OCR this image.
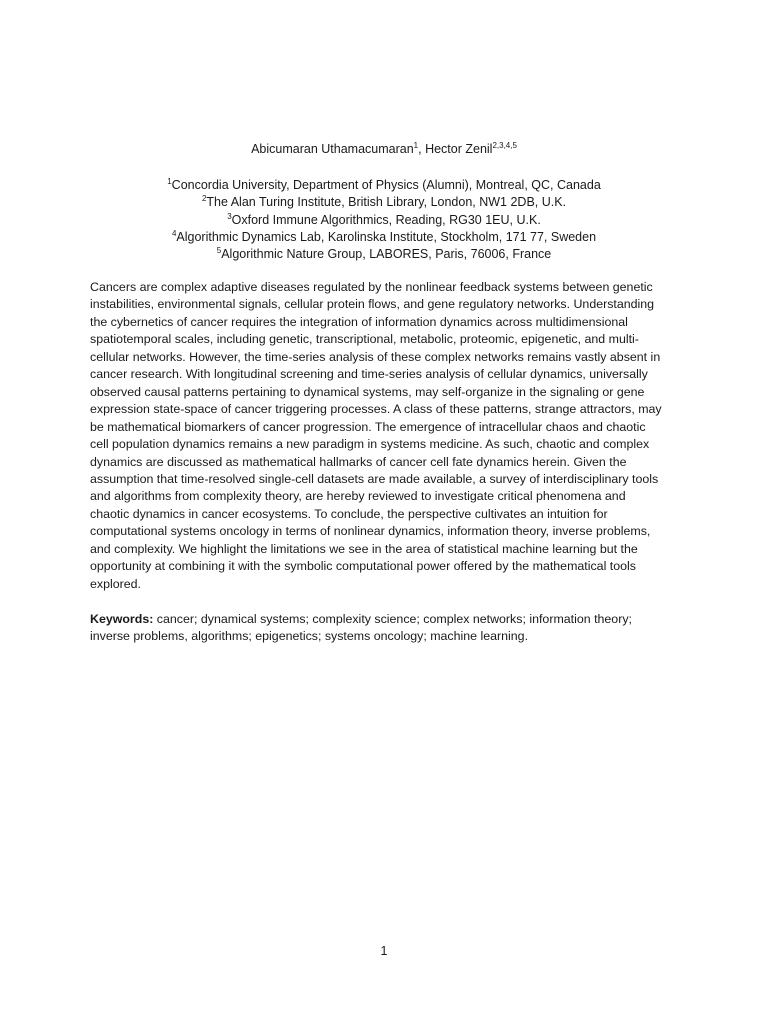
Abicumaran Uthamacumaran$^1$, Hector Zenil$^{2,3,4,5}$
$^1$Concordia University, Department of Physics (Alumni), Montreal, QC, Canada
$^2$The Alan Turing Institute, British Library, London, NW1 2DB, U.K.
$^3$Oxford Immune Algorithmics, Reading, RG30 1EU, U.K.
$^4$Algorithmic Dynamics Lab, Karolinska Institute, Stockholm, 171 77, Sweden
$^5$Algorithmic Nature Group, LABORES, Paris, 76006, France
Cancers are complex adaptive diseases regulated by the nonlinear feedback systems between genetic
instabilities, environmental signals, cellular protein flows, and gene regulatory networks. Understanding
the cybernetics of cancer requires the integration of information dynamics across multidimensional
spatiotemporal scales, including genetic, transcriptional, metabolic, proteomic, epigenetic, and multi-
cellular networks. However, the time-series analysis of these complex networks remains vastly absent in
cancer research. With longitudinal screening and time-series analysis of cellular dynamics, universally
observed causal patterns pertaining to dynamical systems, may self-organize in the signaling or gene
expression state-space of cancer triggering processes. A class of these patterns, strange attractors, may
be mathematical biomarkers of cancer progression. The emergence of intracellular chaos and chaotic
cell population dynamics remains a new paradigm in systems medicine. As such, chaotic and complex
dynamics are discussed as mathematical hallmarks of cancer cell fate dynamics herein. Given the
assumption that time-resolved single-cell datasets are made available, a survey of interdisciplinary tools
and algorithms from complexity theory, are hereby reviewed to investigate critical phenomena and
chaotic dynamics in cancer ecosystems. To conclude, the perspective cultivates an intuition for
computational systems oncology in terms of nonlinear dynamics, information theory, inverse problems,
and complexity. We highlight the limitations we see in the area of statistical machine learning but the
opportunity at combining it with the symbolic computational power offered by the mathematical tools
explored.
Keywords: cancer; dynamical systems; complexity science; complex networks; information theory;
inverse problems, algorithms; epigenetics; systems oncology; machine learning.
1
